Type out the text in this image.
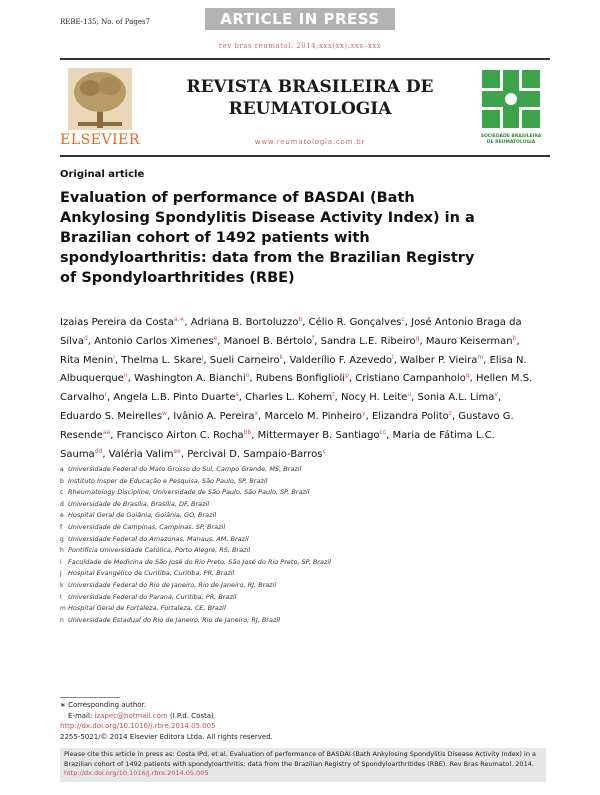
REBE-135; No. of Pages7	ARTICLE IN PRESS
rev bras reumatol. 2014;xxx(xx):xxx–xxx
ELSEVIER
REVISTA BRASILEIRA DE
REUMATOLOGIA
www.reumatologia.com.br
SOCIEDADE BRASILEIRA
DE REUMATOLOGIA
Original article
Evaluation of performance of BASDAI (Bath Ankylosing Spondylitis Disease Activity Index) in a Brazilian cohort of 1492 patients with spondyloarthritis: data from the Brazilian Registry of Spondyloarthritides (RBE)
Izaias Pereira da Costa$^{a,∗}$, Adriana B. Bortoluzzo$^b$, Célio R. Gonçalves$^c$, José Antonio Braga da Silva$^d$, Antonio Carlos Ximenes$^e$, Manoel B. Bértolo$^f$, Sandra L.E. Ribeiro$^g$, Mauro Keiserman$^h$, Rita Menin$^i$, Thelma L. Skare$^j$, Sueli Carneiro$^k$, Valderílio F. Azevedo$^l$, Walber P. Vieira$^m$, Elisa N. Albuquerque$^n$, Washington A. Bianchi$^o$, Rubens Bonfiglioli$^p$, Cristiano Campanholo$^q$, Hellen M.S. Carvalho$^r$, Angela L.B. Pinto Duarte$^s$, Charles L. Kohem$^t$, Nocy H. Leite$^u$, Sonia A.L. Lima$^v$, Eduardo S. Meirelles$^w$, Ivânio A. Pereira$^x$, Marcelo M. Pinheiro$^y$, Elizandra Polito$^z$, Gustavo G. Resende$^{aa}$, Francisco Airton C. Rocha$^{bb}$, Mittermayer B. Santiago$^{cc}$, Maria de Fátima L.C. Sauma$^{dd}$, Valéria Valim$^{ee}$, Percival D. Sampaio-Barros$^c$
a Universidade Federal do Mato Grosso do Sul, Campo Grande, MS, Brazil
b Instituto Insper de Educação e Pesquisa, São Paulo, SP, Brazil
c Rheumatology Discipline, Universidade de São Paulo, São Paulo, SP, Brazil
d Universidade de Brasília, Brasília, DF, Brazil
e Hospital Geral de Goiânia, Goiânia, GO, Brazil
f Universidade de Campinas, Campinas, SP, Brazil
g Universidade Federal do Amazonas, Manaus, AM, Brazil
h Pontifícia Universidade Católica, Porto Alegre, RS, Brazil
i Faculdade de Medicina de São José do Rio Preto, São José do Rio Preto, SP, Brazil
j Hospital Evangélico de Curitiba, Curitiba, PR, Brazil
k Universidade Federal do Rio de Janeiro, Rio de Janeiro, RJ, Brazil
l Universidade Federal do Paraná, Curitiba, PR, Brazil
m Hospital Geral de Fortaleza, Fortaleza, CE, Brazil
n Universidade Estadual do Rio de Janeiro, Rio de Janeiro, RJ, Brazil
∗ Corresponding author.
E-mail: izapec@hotmail.com (I.P.d. Costa).
http://dx.doi.org/10.1016/j.rbre.2014.05.005
2255-5021/© 2014 Elsevier Editora Ltda. All rights reserved.
Please cite this article in press as: Costa IPd, et al. Evaluation of performance of BASDAI (Bath Ankylosing Spondylitis Disease Activity Index) in a Brazilian cohort of 1492 patients with spondyloarthritis: data from the Brazilian Registry of Spondyloarthritides (RBE). Rev Bras Reumatol. 2014. http://dx.doi.org/10.1016/j.rbre.2014.05.005
